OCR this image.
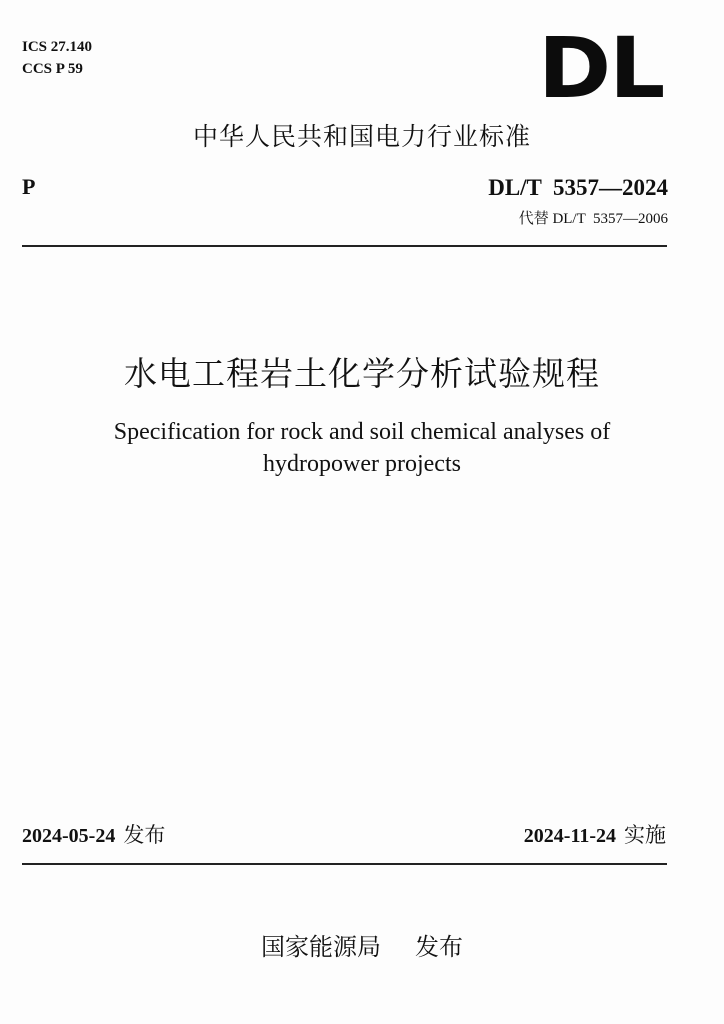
ICS 27.140
CCS P 59	DL
中华人民共和国电力行业标准
P	DL/T  5357—2024
代替 DL/T  5357—2006
水电工程岩土化学分析试验规程
Specification for rock and soil chemical analyses of
hydropower projects
2024-05-24 发布	2024-11-24 实施
国家能源局 发布
